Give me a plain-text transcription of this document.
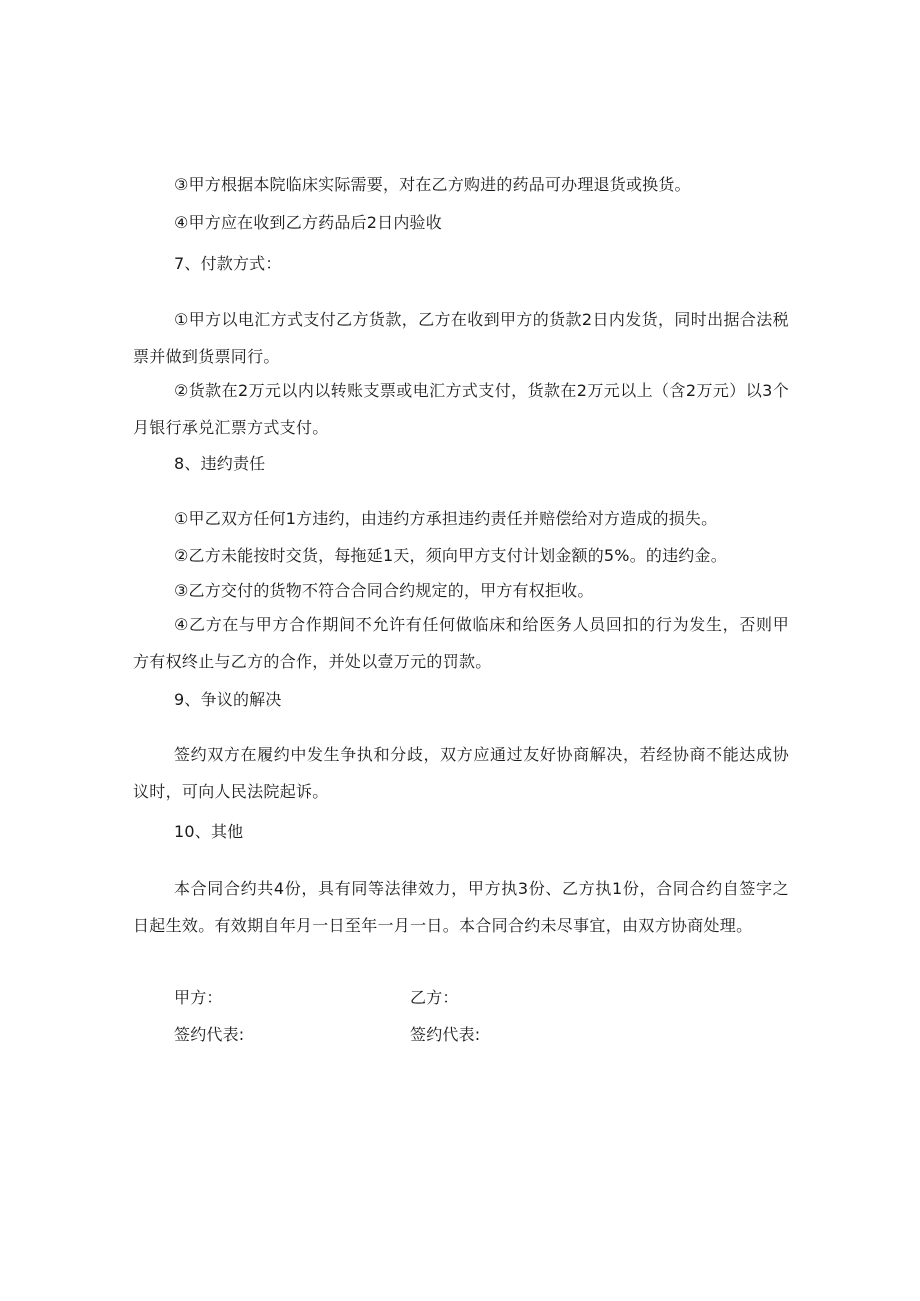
③甲方根据本院临床实际需要，对在乙方购进的药品可办理退货或换货。
④甲方应在收到乙方药品后2日内验收
7、付款方式：
①甲方以电汇方式支付乙方货款，乙方在收到甲方的货款2日内发货，同时出据合法税票并做到货票同行。
②货款在2万元以内以转账支票或电汇方式支付，货款在2万元以上（含2万元）以3个月银行承兑汇票方式支付。
8、违约责任
①甲乙双方任何1方违约，由违约方承担违约责任并赔偿给对方造成的损失。
②乙方未能按时交货，每拖延1天，须向甲方支付计划金额的5%。的违约金。
③乙方交付的货物不符合合同合约规定的，甲方有权拒收。
④乙方在与甲方合作期间不允许有任何做临床和给医务人员回扣的行为发生，否则甲方有权终止与乙方的合作，并处以壹万元的罚款。
9、争议的解决
签约双方在履约中发生争执和分歧，双方应通过友好协商解决，若经协商不能达成协议时，可向人民法院起诉。
10、其他
本合同合约共4份，具有同等法律效力，甲方执3份、乙方执1份，合同合约自签字之日起生效。有效期自年月一日至年一月一日。本合同合约未尽事宜，由双方协商处理。
甲方：	乙方：
签约代表:	签约代表:
